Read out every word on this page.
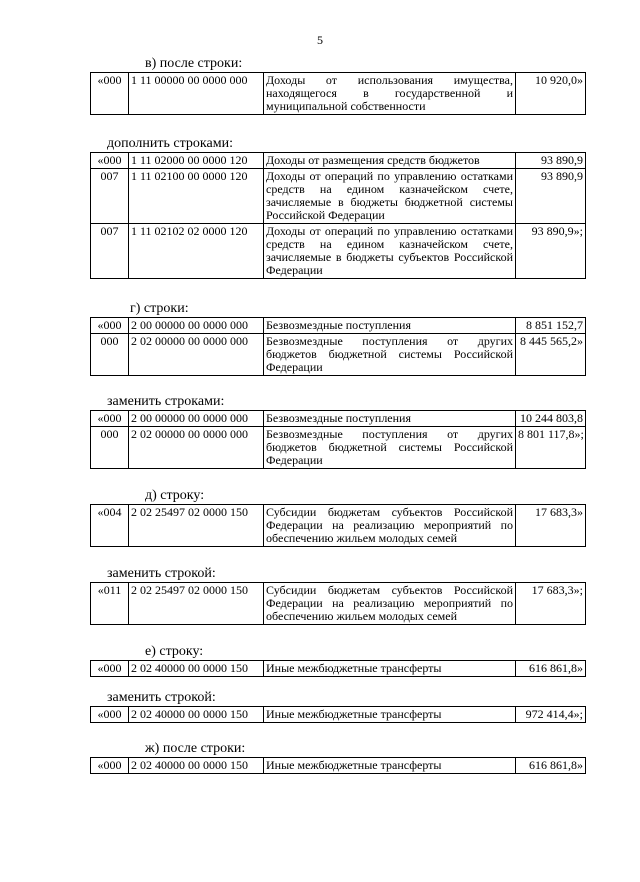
5
в) после строки:
«000	1 11 00000 00 0000 000	Доходы от использования имущества, находящегося в государственной и муниципальной собственности	10 920,0»
дополнить строками:
«000	1 11 02000 00 0000 120	Доходы от размещения средств бюджетов	93 890,9
007	1 11 02100 00 0000 120	Доходы от операций по управлению остатками средств на едином казначейском счете, зачисляемые в бюджеты бюджетной системы Российской Федерации	93 890,9
007	1 11 02102 02 0000 120	Доходы от операций по управлению остатками средств на едином казначейском счете, зачисляемые в бюджеты субъектов Российской Федерации	93 890,9»;
г) строки:
«000	2 00 00000 00 0000 000	Безвозмездные поступления	8 851 152,7
000	2 02 00000 00 0000 000	Безвозмездные поступления от других бюджетов бюджетной системы Российской Федерации	8 445 565,2»
заменить строками:
«000	2 00 00000 00 0000 000	Безвозмездные поступления	10 244 803,8
000	2 02 00000 00 0000 000	Безвозмездные поступления от других бюджетов бюджетной системы Российской Федерации	8 801 117,8»;
д) строку:
«004	2 02 25497 02 0000 150	Субсидии бюджетам субъектов Российской Федерации на реализацию мероприятий по обеспечению жильем молодых семей	17 683,3»
заменить строкой:
«011	2 02 25497 02 0000 150	Субсидии бюджетам субъектов Российской Федерации на реализацию мероприятий по обеспечению жильем молодых семей	17 683,3»;
е) строку:
«000	2 02 40000 00 0000 150	Иные межбюджетные трансферты	616 861,8»
заменить строкой:
«000	2 02 40000 00 0000 150	Иные межбюджетные трансферты	972 414,4»;
ж) после строки:
«000	2 02 40000 00 0000 150	Иные межбюджетные трансферты	616 861,8»
